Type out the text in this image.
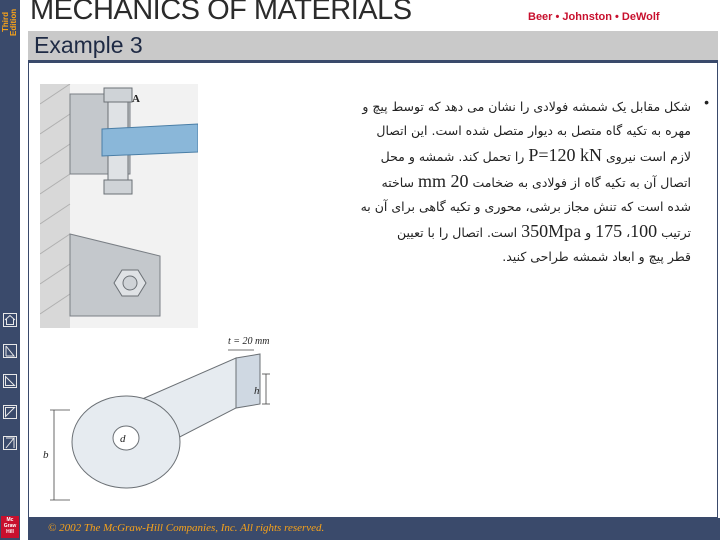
Third Edition
Mc Graw Hill
MECHANICS OF MATERIALS	Beer • Johnston • DeWolf
Example 3
•
شکل مقابل یک شمشه فولادی را نشان می دهد که توسط پیچ و
مهره به تکیه گاه متصل به دیوار متصل شده است. این اتصال
لازم است نیروی P=120 kN را تحمل کند. شمشه و محل
اتصال آن به تکیه گاه از فولادی به ضخامت 20 mm ساخته
شده است که تنش مجاز برشی، محوری و تکیه گاهی برای آن به
ترتیب 100، 175 و 350Mpa است. اتصال را با تعیین
قطر پیچ و ابعاد شمشه طراحی کنید.
A
t = 20 mm
h
d
b
© 2002 The McGraw-Hill Companies, Inc. All rights reserved.
